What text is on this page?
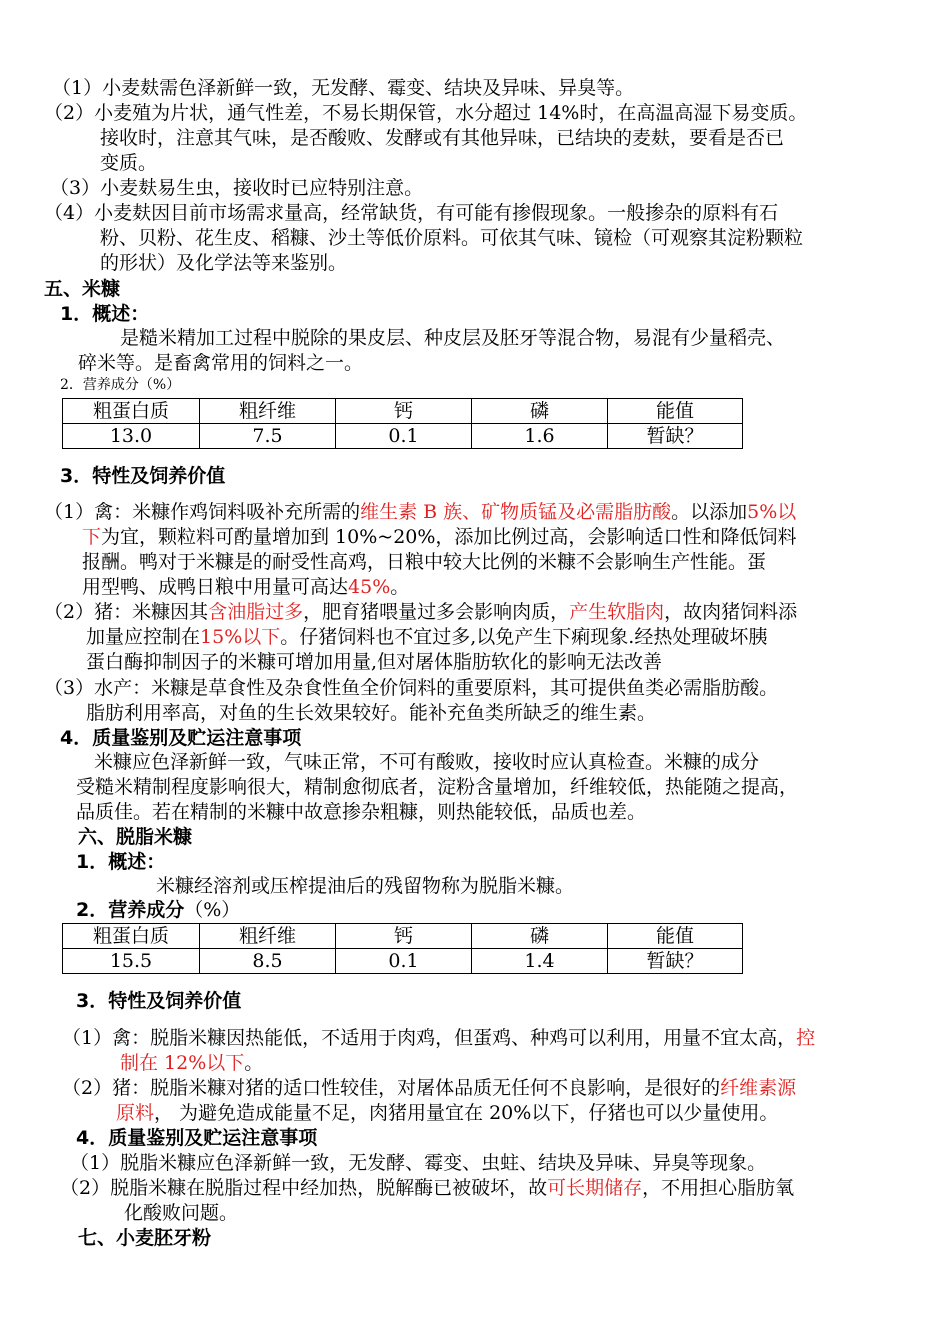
（1）小麦麸需色泽新鲜一致，无发酵、霉变、结块及异味、异臭等。
（2）小麦殖为片状，通气性差，不易长期保管，水分超过 14%时，在高温高湿下易变质。
接收时，注意其气味，是否酸败、发酵或有其他异味，已结块的麦麸，要看是否已
变质。
（3）小麦麸易生虫，接收时已应特别注意。
（4）小麦麸因目前市场需求量高，经常缺货，有可能有掺假现象。一般掺杂的原料有石
粉、贝粉、花生皮、稻糠、沙土等低价原料。可依其气味、镜检（可观察其淀粉颗粒
的形状）及化学法等来鉴别。
五、米糠
1．概述：
是糙米精加工过程中脱除的果皮层、种皮层及胚牙等混合物，易混有少量稻壳、
碎米等。是畜禽常用的饲料之一。
2．营养成分（%）
粗蛋白质	粗纤维	钙	磷	能值
13.0	7.5	0.1	1.6	暂缺？
3．特性及饲养价值
（1）禽：米糠作鸡饲料吸补充所需的维生素 B 族、矿物质锰及必需脂肪酸。以添加5%以
下为宜，颗粒料可酌量增加到 10%~20%，添加比例过高，会影响适口性和降低饲料
报酬。鸭对于米糠是的耐受性高鸡，日粮中较大比例的米糠不会影响生产性能。蛋
用型鸭、成鸭日粮中用量可高达45%。
（2）猪：米糠因其含油脂过多，肥育猪喂量过多会影响肉质，产生软脂肉，故肉猪饲料添
加量应控制在15%以下。仔猪饲料也不宜过多,以免产生下痢现象.经热处理破坏胰
蛋白酶抑制因子的米糠可增加用量,但对屠体脂肪软化的影响无法改善
（3）水产：米糠是草食性及杂食性鱼全价饲料的重要原料，其可提供鱼类必需脂肪酸。
脂肪利用率高，对鱼的生长效果较好。能补充鱼类所缺乏的维生素。
4．质量鉴别及贮运注意事项
米糠应色泽新鲜一致，气味正常，不可有酸败，接收时应认真检查。米糠的成分
受糙米精制程度影响很大，精制愈彻底者，淀粉含量增加，纤维较低，热能随之提高，
品质佳。若在精制的米糠中故意掺杂粗糠，则热能较低，品质也差。
六、脱脂米糠
1．概述：
米糠经溶剂或压榨提油后的残留物称为脱脂米糠。
2．营养成分（%）
粗蛋白质	粗纤维	钙	磷	能值
15.5	8.5	0.1	1.4	暂缺？
3．特性及饲养价值
（1）禽：脱脂米糠因热能低，不适用于肉鸡，但蛋鸡、种鸡可以利用，用量不宜太高，控
制在 12%以下。
（2）猪：脱脂米糠对猪的适口性较佳，对屠体品质无任何不良影响，是很好的纤维素源
原料， 为避免造成能量不足，肉猪用量宜在 20%以下，仔猪也可以少量使用。
4．质量鉴别及贮运注意事项
（1）脱脂米糠应色泽新鲜一致，无发酵、霉变、虫蛀、结块及异味、异臭等现象。
（2）脱脂米糠在脱脂过程中经加热，脱解酶已被破坏，故可长期储存，不用担心脂肪氧
化酸败问题。
七、小麦胚牙粉
